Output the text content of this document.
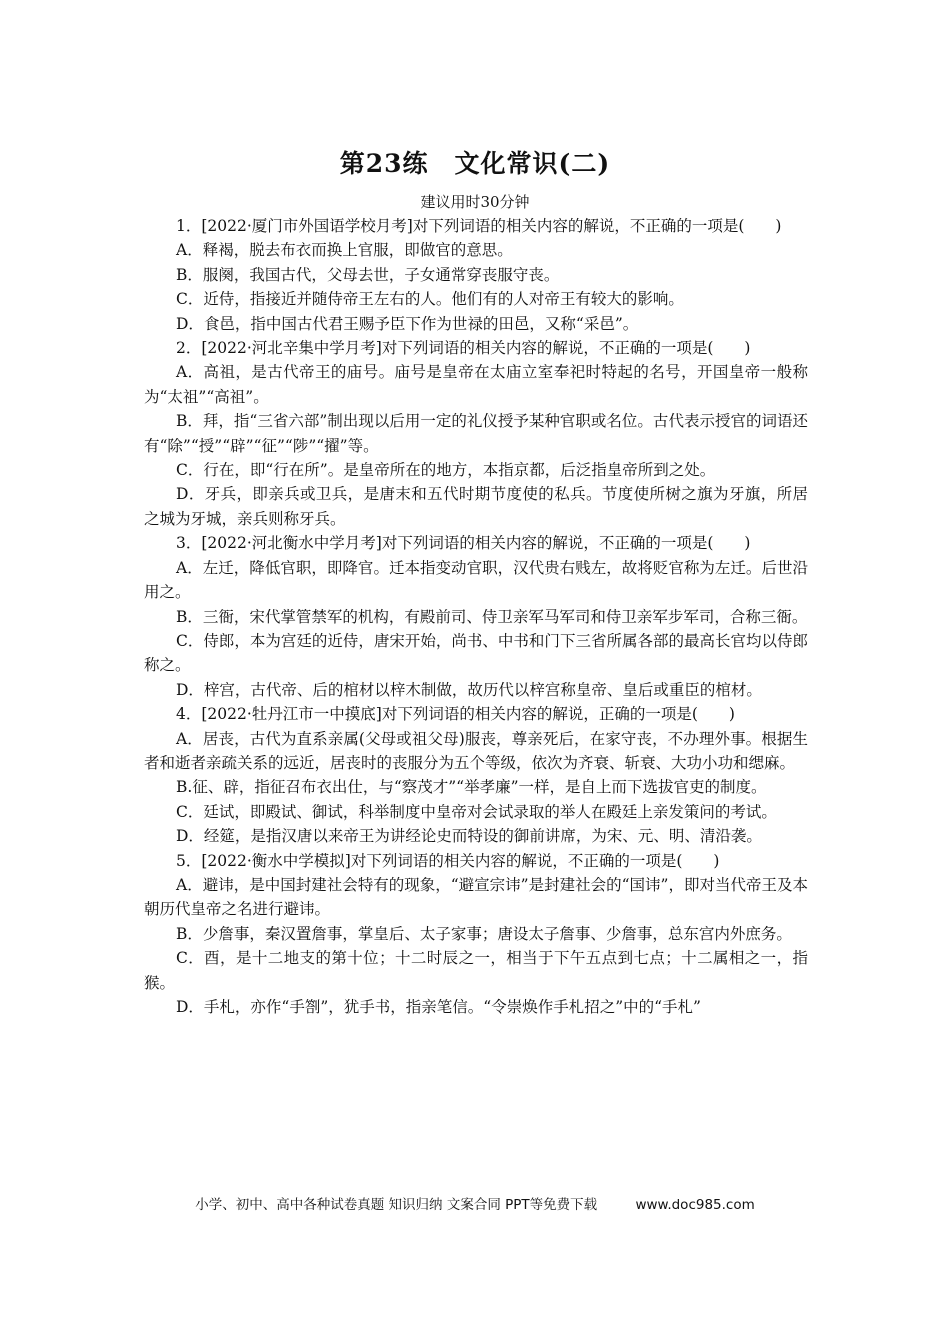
第23练　文化常识(二)
建议用时30分钟

1．[2022·厦门市外国语学校月考]对下列词语的相关内容的解说，不正确的一项是(　　)

A．释褐，脱去布衣而换上官服，即做官的意思。

B．服阕，我国古代，父母去世，子女通常穿丧服守丧。

C．近侍，指接近并随侍帝王左右的人。他们有的人对帝王有较大的影响。

D．食邑，指中国古代君王赐予臣下作为世禄的田邑，又称“采邑”。

2．[2022·河北辛集中学月考]对下列词语的相关内容的解说，不正确的一项是(　　)

A．高祖，是古代帝王的庙号。庙号是皇帝在太庙立室奉祀时特起的名号，开国皇帝一般称为“太祖”“高祖”。

B．拜，指“三省六部”制出现以后用一定的礼仪授予某种官职或名位。古代表示授官的词语还有“除”“授”“辟”“征”“陟”“擢”等。

C．行在，即“行在所”。是皇帝所在的地方，本指京都，后泛指皇帝所到之处。

D．牙兵，即亲兵或卫兵，是唐末和五代时期节度使的私兵。节度使所树之旗为牙旗，所居之城为牙城，亲兵则称牙兵。

3．[2022·河北衡水中学月考]对下列词语的相关内容的解说，不正确的一项是(　　)

A．左迁，降低官职，即降官。迁本指变动官职，汉代贵右贱左，故将贬官称为左迁。后世沿用之。

B．三衙，宋代掌管禁军的机构，有殿前司、侍卫亲军马军司和侍卫亲军步军司，合称三衙。

C．侍郎，本为宫廷的近侍，唐宋开始，尚书、中书和门下三省所属各部的最高长官均以侍郎称之。

D．梓宫，古代帝、后的棺材以梓木制做，故历代以梓宫称皇帝、皇后或重臣的棺材。

4．[2022·牡丹江市一中摸底]对下列词语的相关内容的解说，正确的一项是(　　)

A．居丧，古代为直系亲属(父母或祖父母)服丧，尊亲死后，在家守丧，不办理外事。根据生者和逝者亲疏关系的远近，居丧时的丧服分为五个等级，依次为齐衰、斩衰、大功小功和缌麻。

B.征、辟，指征召布衣出仕，与“察茂才”“举孝廉”一样，是自上而下选拔官吏的制度。

C．廷试，即殿试、御试，科举制度中皇帝对会试录取的举人在殿廷上亲发策问的考试。

D．经筵，是指汉唐以来帝王为讲经论史而特设的御前讲席，为宋、元、明、清沿袭。

5．[2022·衡水中学模拟]对下列词语的相关内容的解说，不正确的一项是(　　)

A．避讳，是中国封建社会特有的现象，“避宣宗讳”是封建社会的“国讳”，即对当代帝王及本朝历代皇帝之名进行避讳。

B．少詹事，秦汉置詹事，掌皇后、太子家事；唐设太子詹事、少詹事，总东宫内外庶务。

C．酉，是十二地支的第十位；十二时辰之一，相当于下午五点到七点；十二属相之一，指猴。

D．手札，亦作“手劄”，犹手书，指亲笔信。“令崇焕作手札招之”中的“手札”

小学、初中、高中各种试卷真题 知识归纳 文案合同 PPT等免费下载	www.doc985.com
